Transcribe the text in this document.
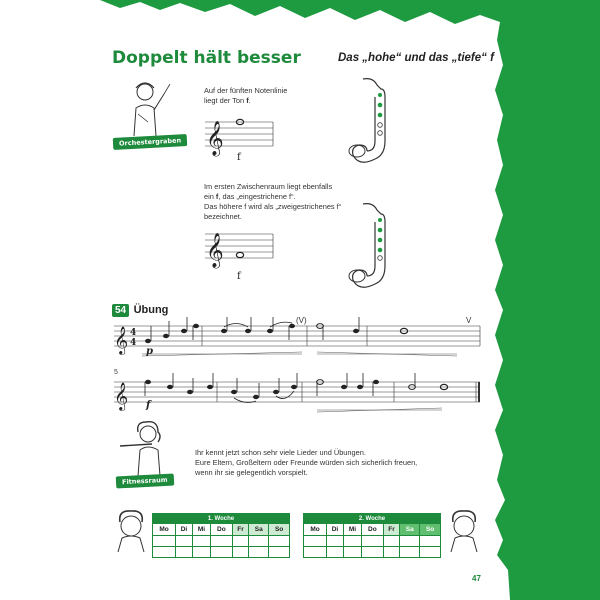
Doppelt hält besser	Das „hohe“ und das „tiefe“ f
Orchestergraben
Auf der fünften Notenlinie
liegt der Ton f.
𝄞
f
Im ersten Zwischenraum liegt ebenfalls
ein f, das „eingestrichene f“.
Das höhere f wird als „zweigestrichenes f“
bezeichnet.
𝄞
f
54 Übung
𝄞 4
4
p
(V)	V
5
𝄞 f
Fitnessraum
Ihr kennt jetzt schon sehr viele Lieder und Übungen.
Eure Eltern, Großeltern oder Freunde würden sich sicherlich freuen,
wenn ihr sie gelegentlich vorspielt.
1. Woche						
Mo	Di	Mi	Do	Fr	Sa	So

2. Woche						
Mo	Di	Mi	Do	Fr	Sa	So

47
